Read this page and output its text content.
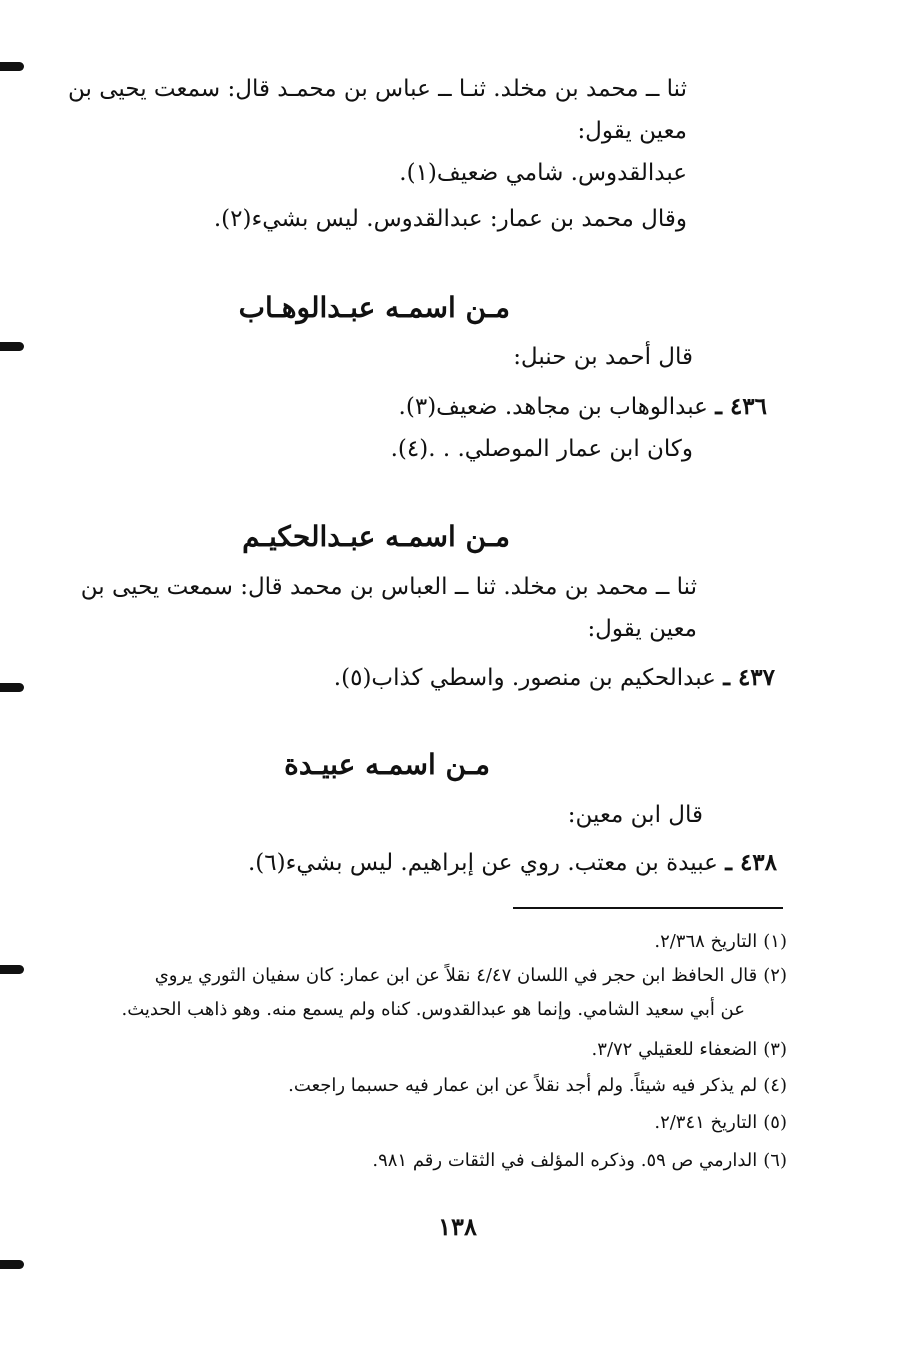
ثنا ــ محمد بن مخلد. ثنـا ــ عباس بن محمـد قال: سمعت يحيى بن
معين يقول:
عبدالقدوس. شامي ضعيف(١).
وقال محمد بن عمار: عبدالقدوس. ليس بشيء(٢).
مـن اسمـه عبـدالوهـاب
قال أحمد بن حنبل:
٤٣٦ ـ عبدالوهاب بن مجاهد. ضعيف(٣).
وكان ابن عمار الموصلي. . .(٤).
مـن اسمـه عبـدالحكيـم
ثنا ــ محمد بن مخلد. ثنا ــ العباس بن محمد قال: سمعت يحيى بن
معين يقول:
٤٣٧ ـ عبدالحكيم بن منصور. واسطي كذاب(٥).
مـن اسمـه عبيـدة
قال ابن معين:
٤٣٨ ـ عبيدة بن معتب. روي عن إبراهيم. ليس بشيء(٦).
(١)التاريخ ٢/٣٦٨.
(٢)قال الحافظ ابن حجر في اللسان ٤/٤٧ نقلاً عن ابن عمار: كان سفيان الثوري يروي
عن أبي سعيد الشامي. وإنما هو عبدالقدوس. كناه ولم يسمع منه. وهو ذاهب الحديث.
(٣)الضعفاء للعقيلي ٣/٧٢.
(٤)لم يذكر فيه شيئاً. ولم أجد نقلاً عن ابن عمار فيه حسبما راجعت.
(٥)التاريخ ٢/٣٤١.
(٦)الدارمي ص ٥٩. وذكره المؤلف في الثقات رقم ٩٨١.
١٣٨
